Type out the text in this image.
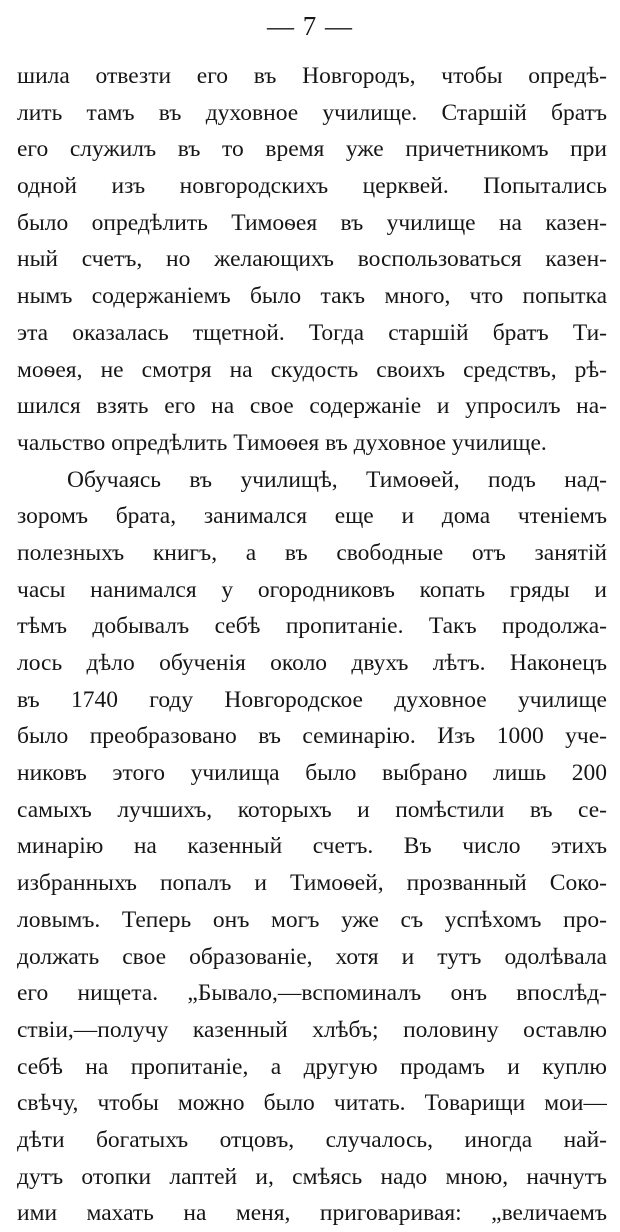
— 7 —
шила отвезти его въ Новгородъ, чтобы опредѣ-
лить тамъ въ духовное училище. Старшій братъ
его служилъ въ то время уже причетникомъ при
одной изъ новгородскихъ церквей. Попытались
было опредѣлить Тимоѳея въ училище на казен-
ный счетъ, но желающихъ воспользоваться казен-
нымъ содержаніемъ было такъ много, что попытка
эта оказалась тщетной. Тогда старшій братъ Ти-
моѳея, не смотря на скудость своихъ средствъ, рѣ-
шился взять его на свое содержаніе и упросилъ на-
чальство опредѣлить Тимоѳея въ духовное училище.
Обучаясь въ училищѣ, Тимоѳей, подъ над-
зоромъ брата, занимался еще и дома чтеніемъ
полезныхъ книгъ, а въ свободные отъ занятій
часы нанимался у огородниковъ копать гряды и
тѣмъ добывалъ себѣ пропитаніе. Такъ продолжа-
лось дѣло обученія около двухъ лѣтъ. Наконецъ
въ 1740 году Новгородское духовное училище
было преобразовано въ семинарію. Изъ 1000 уче-
никовъ этого училища было выбрано лишь 200
самыхъ лучшихъ, которыхъ и помѣстили въ се-
минарію на казенный счетъ. Въ число этихъ
избранныхъ попалъ и Тимоѳей, прозванный Соко-
ловымъ. Теперь онъ могъ уже съ успѣхомъ про-
должать свое образованіе, хотя и тутъ одолѣвала
его нищета. „Бывало,—вспоминалъ онъ впослѣд-
ствіи,—получу казенный хлѣбъ; половину оставлю
себѣ на пропитаніе, а другую продамъ и куплю
свѣчу, чтобы можно было читать. Товарищи мои—
дѣти богатыхъ отцовъ, случалось, иногда най-
дутъ отопки лаптей и, смѣясь надо мною, начнутъ
ими махать на меня, приговаривая: „величаемъ
